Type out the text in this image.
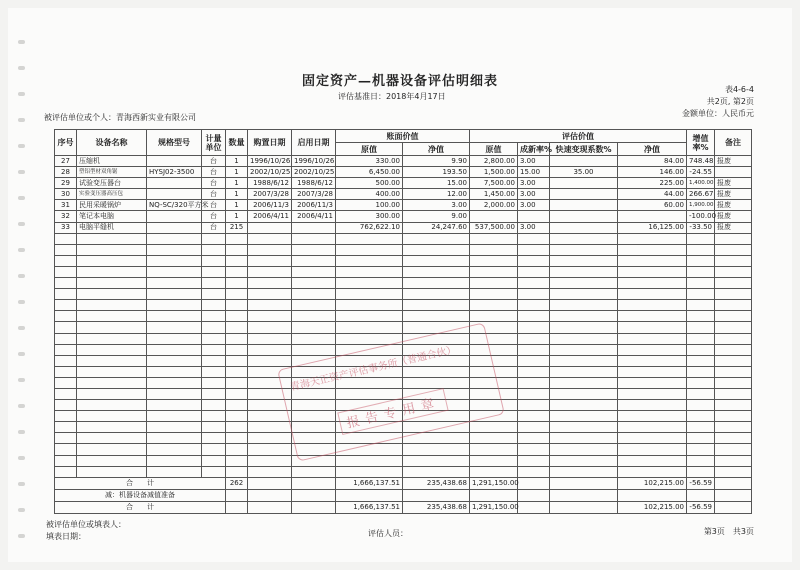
固定资产—机器设备评估明细表
评估基准日：2018年4月17日
表4-6-4
共2页, 第2页
金额单位：人民币元
被评估单位或个人：青海西新实业有限公司
序号	设备名称	规格型号	计量单位	数量	购置日期	启用日期	账面价值		评估价值				增值率%	备注
							原值	净值	原值	成新率%	快速变现系数%	净值		
27	压缩机		台	1	1996/10/26	1996/10/26	330.00	9.90	2,800.00	3.00		84.00	748.48	报废
28	塑铝型材双角锯	HYSJ02-3500	台	1	2002/10/25	2002/10/25	6,450.00	193.50	1,500.00	15.00	35.00	146.00	-24.55	
29	试验变压器台		台	1	1988/6/12	1988/6/12	500.00	15.00	7,500.00	3.00		225.00	1,400.00	报废
30	实验变压器高压包		台	1	2007/3/28	2007/3/28	400.00	12.00	1,450.00	3.00		44.00	266.67	报废
31	民用采暖锅炉	NQ-SC/320平方米	台	1	2006/11/3	2006/11/3	100.00	3.00	2,000.00	3.00		60.00	1,900.00	报废
32	笔记本电脑		台	1	2006/4/11	2006/4/11	300.00	9.00					-100.00	报废
33	电脑平缝机		台	215			762,622.10	24,247.60	537,500.00	3.00		16,125.00	-33.50	报废

合　　计				262			1,666,137.51	235,438.68	1,291,150.00			102,215.00	-56.59	
减：机器设备减值准备														
合　　计							1,666,137.51	235,438.68	1,291,150.00			102,215.00	-56.59	
青海天正资产评估事务所（普通合伙）
报告专用章
被评估单位或填表人：
填表日期：	评估人员：	第3页　共3页
